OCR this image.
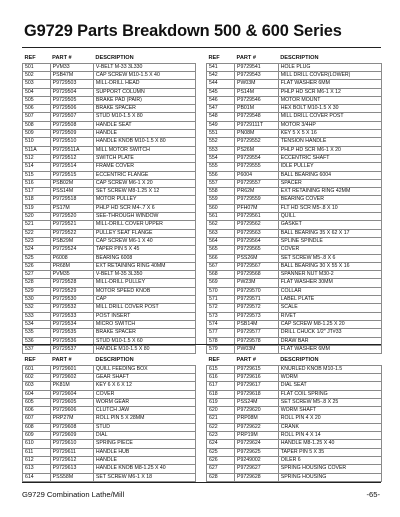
G9729 Parts Breakdown 500 & 600 Series
REF	PART #	DESCRIPTION
501	PVM33	V-BELT M-33 3L330
502	PSB47M	CAP SCREW M10-1.5 X 40
503	P9729503	MILL-DRILL HEAD
504	P9729504	SUPPORT COLUMN
505	P9729505	BRAKE PAD (PAIR)
506	P9729506	BRAKE SPACER
507	P9729507	STUD M10-1.5 X 80
508	P9729508	HANDLE SEAT
509	P9729509	HANDLE
510	P9729510	HANDLE KNOB M10-1.5 X 80
511A	P9729511A	MILL MOTOR SWITCH
512	P9729512	SWITCH PLATE
514	P9729514	FRAME COVER
515	P9729515	ECCENTRIC FLANGE
516	PSB02M	CAP SCREW M6-1 X 20
517	PSS14M	SET SCREW M8-1.25 X 12
518	P9729518	MOTOR PULLEY
519	PS17M	PHLP HD SCR M4-.7 X 6
520	P9729520	SEE-THROUGH WINDOW
521	P9729521	MILL-DRILL COVER UPPER
522	P9729522	PULLEY SEAT FLANGE
523	PSB29M	CAP SCREW M6-1 X 40
524	P9729524	TAPER PIN 5 X 45
525	P6008	BEARING 6008
526	PR68M	EXT RETAINING RING 40MM
527	PVM35	V-BELT M-35 3L350
528	P9729528	MILL-DRILL PULLEY
529	P9729529	MOTOR SPEED KNOB
530	P9729530	CAP
532	P9729532	MILL DRILL COVER POST
533	P9729533	POST INSERT
534	P9729534	MICRO SWITCH
535	P9729535	BRAKE SPACER
536	P9729536	STUD M10-1.5 X 60
537	P9729537	HANDLE M10-1.5 X 80
REF	PART #	DESCRIPTION
541	P9729541	HOLE PLUG
542	P9729543	MILL DRILL COVER(LOWER)
544	PW03M	FLAT WASHER 6MM
545	PS14M	PHLP HD SCR M6-1 X 12
546	P9729546	MOTOR MOUNT
547	PB01M	HEX BOLT M10-1.5 X 30
548	P9729548	MILL DRILL COVER POST
549	P9729111T	MOTOR 3/4HP
551	PN08M	KEY 5 X 5 X 16
552	P9729552	TENSION HANDLE
553	PS26M	PHLP HD SCR M6-1 X 20
554	P9729554	ECCENTRIC SHAFT
555	P9729555	IDLE PULLEY
556	P6004	BALL BEARING 6004
557	P9729557	SPACER
558	PR62M	EXT RETAINING RING 42MM
559	P9729559	BEARING COVER
560	PFH07M	FLT HD SCR M5-.8 X 10
561	P9729561	QUILL
562	P9729562	GASKET
563	P9729563	BALL BEARING 35 X 62 X 17
564	P9729564	SPLINE SPINDLE
565	P9729565	COVER
566	PSS26M	SET SCREW M5-.8 X 6
567	P9729567	BALL BEARING 30 X 55 X 16
568	P9729568	SPANNER NUT M30-2
569	PW23M	FLAT WASHER 30MM
570	P9729570	COLLAR
571	P9729571	LABEL PLATE
572	P9729572	SCALE
573	P9729573	RIVET
574	PSB14M	CAP SCREW M8-1.25 X 20
577	P9729577	DRILL CHUCK 1/2" JT#33
578	P9729578	DRAW BAR
579	PW03M	FLAT WASHER 6MM
REF	PART #	DESCRIPTION
601	P9729601	QUILL FEEDING BOX
602	P9729602	GEAR SHAFT
603	PK81M	KEY 6 X 6 X 12
604	P9729604	COVER
605	P9729605	WORM GEAR
606	P9729606	CLUTCH JAW
607	PRP27M	ROLL PIN 5 X 28MM
608	P9729608	STUD
609	P9729609	DIAL
610	P9729610	SPRING PIECE
611	P9729611	HANDLE HUB
612	P9729612	HANDLE
613	P9729613	HANDLE KNOB M8-1.25 X 40
614	PSS58M	SET SCREW M6-1 X 18
REF	PART #	DESCRIPTION
615	P9729615	KNURLED KNOB M10-1.5
616	P9729616	WORM
617	P9729617	DIAL SEAT
618	P9729618	FLAT COIL SPRING
619	PSS24M	SET SCREW M5-.8 X 25
620	P9729620	WORM SHAFT
621	PRP08M	ROLL PIN 4 X 20
622	P9729622	CRANK
623	PRP19M	ROLL PIN 4 X 14
624	P9729624	HANDLE M8-1.25 X 40
625	P9729625	TAPER PIN 5 X 35
626	P9249002	OILER 6
627	P9729627	SPRING HOUSING COVER
628	P9729628	SPRING HOUSING
G9729 Combination Lathe/Mill	-65-
